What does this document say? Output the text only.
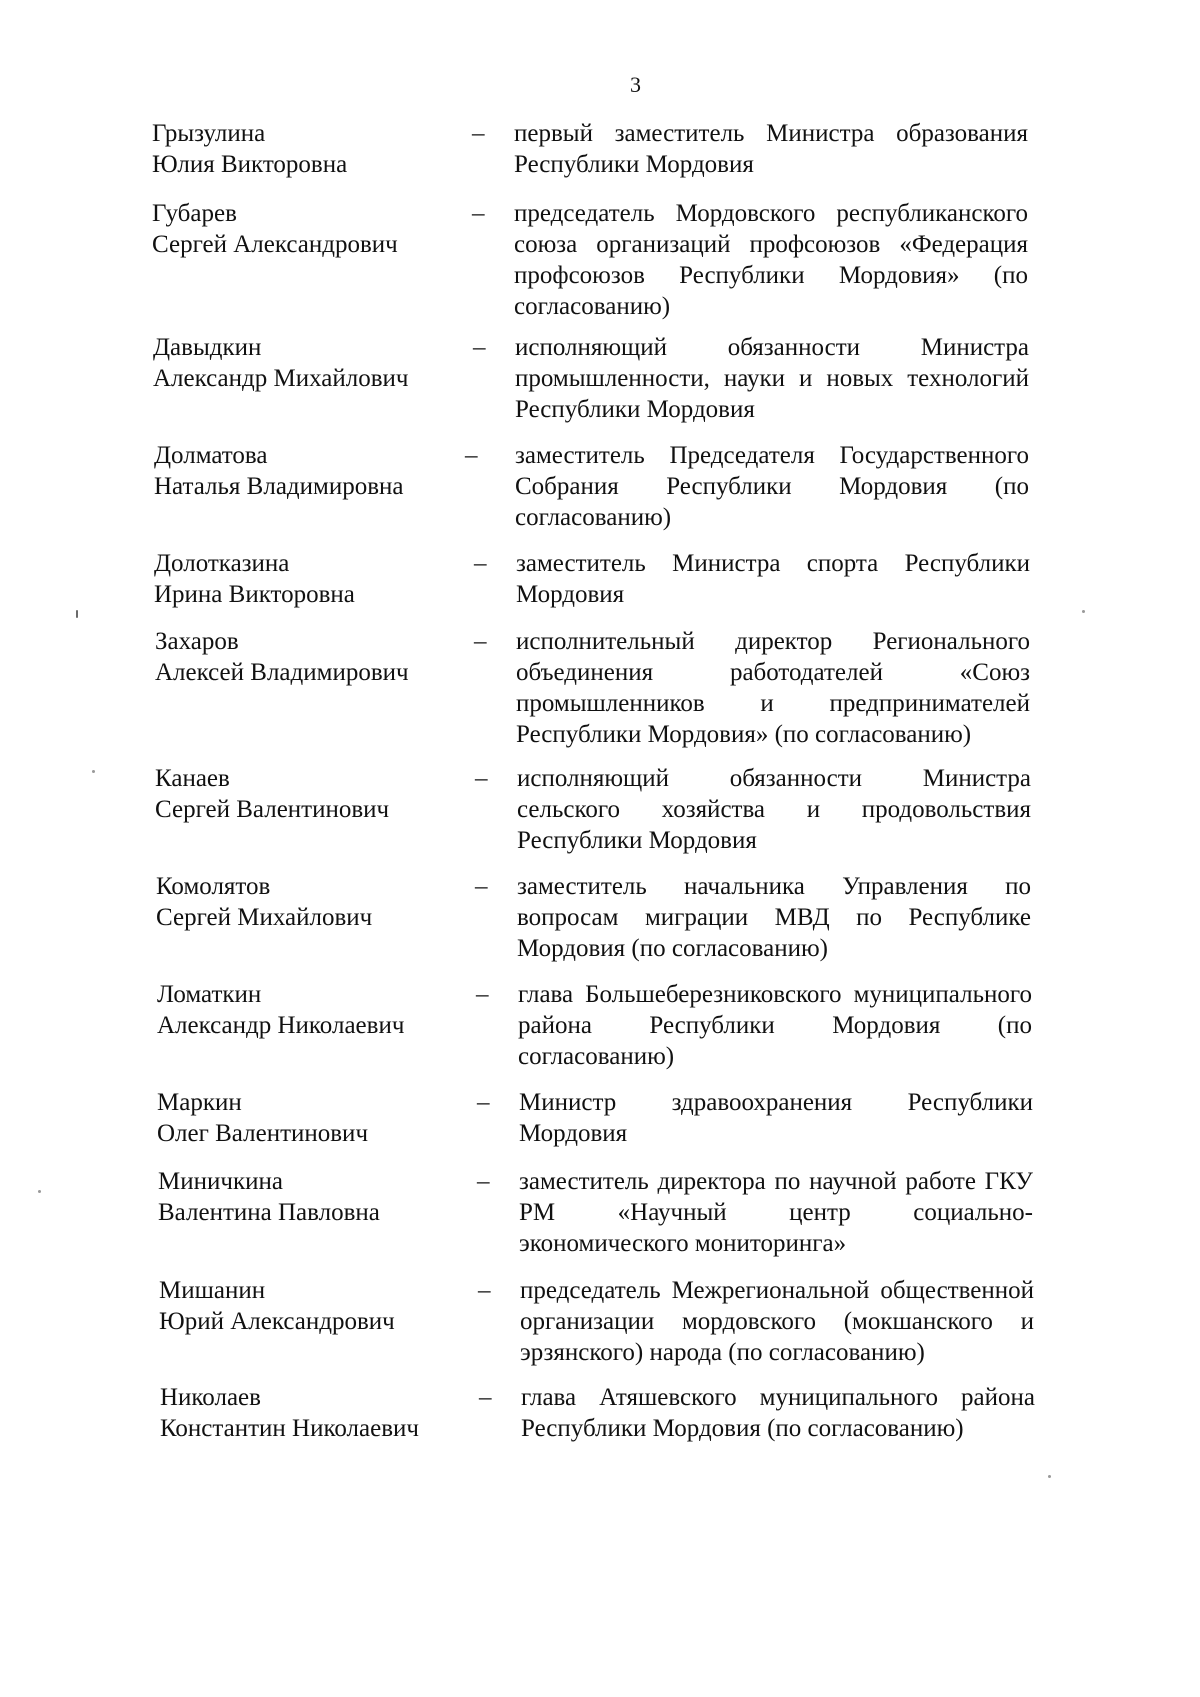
3
Грызулина
Юлия Викторовна
– первый заместитель Министра образования Республики Мордовия
Губарев
Сергей Александрович
– председатель Мордовского республиканского союза организаций профсоюзов «Федерация профсоюзов Республики Мордовия» (по согласованию)
Давыдкин
Александр Михайлович
– исполняющий обязанности Министра промышленности, науки и новых технологий Республики Мордовия
Долматова
Наталья Владимировна
– заместитель Председателя Государственного Собрания Республики Мордовия (по согласованию)
Долотказина
Ирина Викторовна
– заместитель Министра спорта Республики Мордовия
Захаров
Алексей Владимирович
– исполнительный директор Регионального объединения работодателей «Союз промышленников и предпринимателей Республики Мордовия» (по согласованию)
Канаев
Сергей Валентинович
– исполняющий обязанности Министра сельского хозяйства и продовольствия Республики Мордовия
Комолятов
Сергей Михайлович
– заместитель начальника Управления по вопросам миграции МВД по Республике Мордовия (по согласованию)
Ломаткин
Александр Николаевич
– глава Большеберезниковского муниципального района Республики Мордовия (по согласованию)
Маркин
Олег Валентинович
– Министр здравоохранения Республики Мордовия
Миничкина
Валентина Павловна
– заместитель директора по научной работе ГКУ РМ «Научный центр социально-экономического мониторинга»
Мишанин
Юрий Александрович
– председатель Межрегиональной общественной организации мордовского (мокшанского и эрзянского) народа (по согласованию)
Николаев
Константин Николаевич
– глава Атяшевского муниципального района Республики Мордовия (по согласованию)
